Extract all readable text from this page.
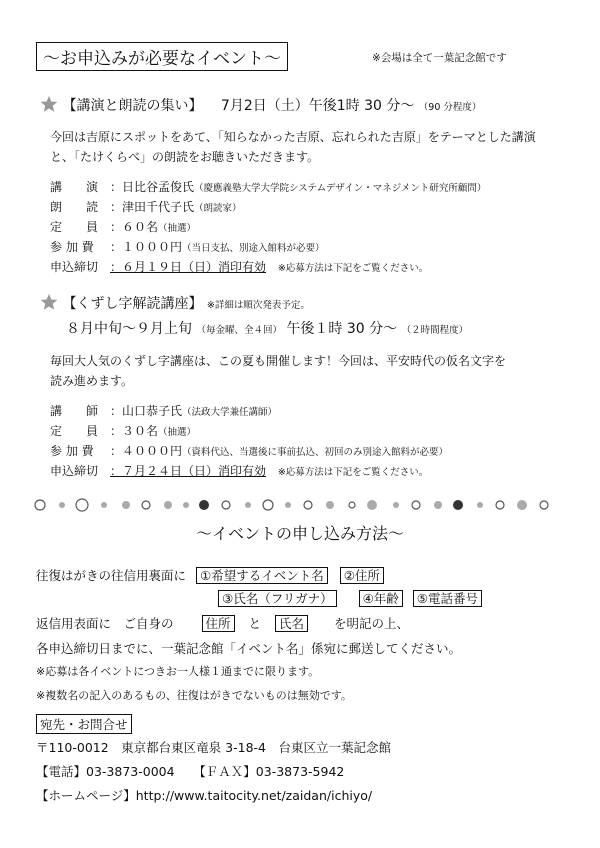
～お申込みが必要なイベント～	※会場は全て一葉記念館です
【講演と朗読の集い】 7月2日（土）午後1時 30 分～ （90 分程度）
今回は吉原にスポットをあて、「知らなかった吉原、忘れられた吉原」をテーマとした講演
と、「たけくらべ」の朗読をお聴きいただきます。
講　　演 ：日比谷孟俊氏（慶應義塾大学大学院システムデザイン・マネジメント研究所顧問）
朗　　読 ：津田千代子氏（朗読家）
定　　員 ：６０名（抽選）
参 加 費 ：１０００円（当日支払、別途入館料が必要）
申込締切 ：６月１９日（日）消印有効 ※応募方法は下記をご覧ください。
【くずし字解読講座】 ※詳細は順次発表予定。
８月中旬～９月上旬 （毎金曜、全４回） 午後１時 30 分～ （２時間程度）
毎回大人気のくずし字講座は、この夏も開催します！今回は、平安時代の仮名文字を
読み進めます。
講　　師 ：山口恭子氏（法政大学兼任講師）
定　　員 ：３０名（抽選）
参 加 費 ：４０００円（資料代込、当選後に事前払込、初回のみ別途入館料が必要）
申込締切 ：７月２４日（日）消印有効 ※応募方法は下記をご覧ください。
～イベントの申し込み方法～
往復はがきの往信用裏面に ①希望するイベント名 ②住所
③氏名（フリガナ） ④年齢 ⑤電話番号
返信用表面に　ご自身の	住所 と 氏名 を明記の上、
各申込締切日までに、一葉記念館「イベント名」係宛に郵送してください。
※応募は各イベントにつきお一人様１通までに限ります。
※複数名の記入のあるもの、往復はがきでないものは無効です。
宛先・お問合せ
〒110-0012　東京都台東区竜泉 3-18-4　台東区立一葉記念館
【電話】03-3873-0004　　【ＦＡＸ】03-3873-5942
【ホームページ】http://www.taitocity.net/zaidan/ichiyo/
